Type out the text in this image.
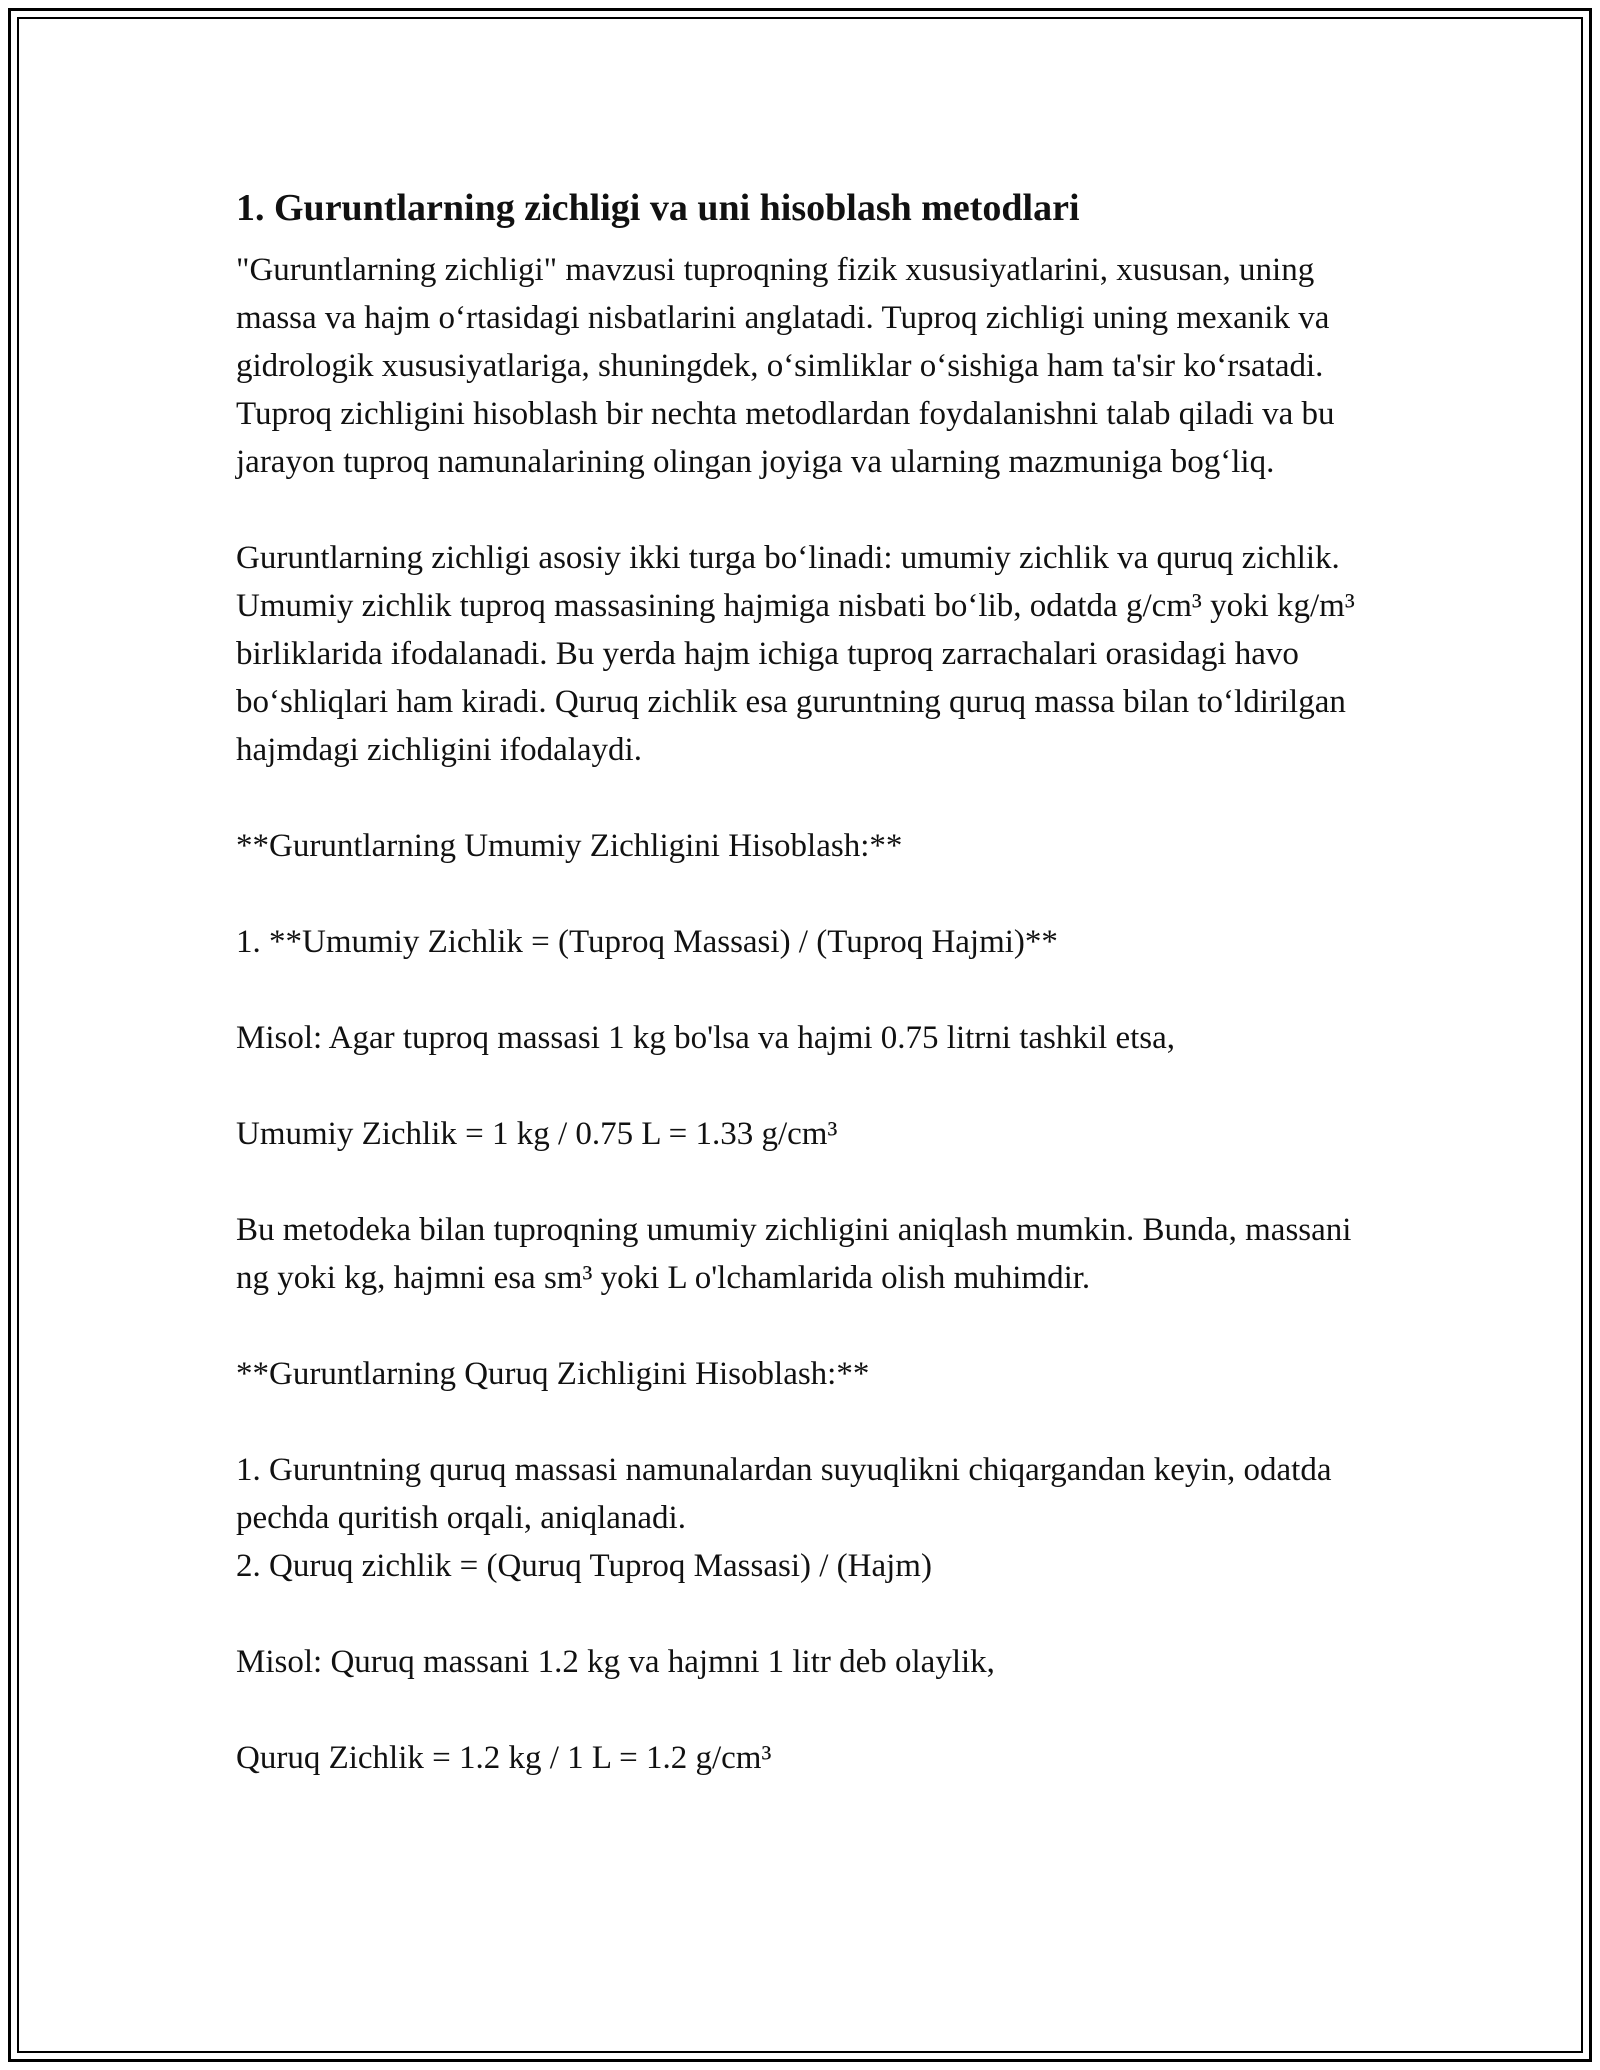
1. Guruntlarning zichligi va uni hisoblash metodlari

"Guruntlarning zichligi" mavzusi tuproqning fizik xususiyatlarini, xususan, uning massa va hajm oʻrtasidagi nisbatlarini anglatadi. Tuproq zichligi uning mexanik va gidrologik xususiyatlariga, shuningdek, oʻsimliklar oʻsishiga ham ta'sir koʻrsatadi. Tuproq zichligini hisoblash bir nechta metodlardan foydalanishni talab qiladi va bu jarayon tuproq namunalarining olingan joyiga va ularning mazmuniga bogʻliq.

Guruntlarning zichligi asosiy ikki turga boʻlinadi: umumiy zichlik va quruq zichlik. Umumiy zichlik tuproq massasining hajmiga nisbati boʻlib, odatda g/cm³ yoki kg/m³ birliklarida ifodalanadi. Bu yerda hajm ichiga tuproq zarrachalari orasidagi havo boʻshliqlari ham kiradi. Quruq zichlik esa guruntning quruq massa bilan toʻldirilgan hajmdagi zichligini ifodalaydi.

**Guruntlarning Umumiy Zichligini Hisoblash:**

1. **Umumiy Zichlik = (Tuproq Massasi) / (Tuproq Hajmi)**

Misol: Agar tuproq massasi 1 kg bo'lsa va hajmi 0.75 litrni tashkil etsa,

Umumiy Zichlik = 1 kg / 0.75 L = 1.33 g/cm³

Bu metodeka bilan tuproqning umumiy zichligini aniqlash mumkin. Bunda, massani ng yoki kg, hajmni esa sm³ yoki L o'lchamlarida olish muhimdir.

**Guruntlarning Quruq Zichligini Hisoblash:**

1. Guruntning quruq massasi namunalardan suyuqlikni chiqargandan keyin, odatda pechda quritish orqali, aniqlanadi.

2. Quruq zichlik = (Quruq Tuproq Massasi) / (Hajm)

Misol: Quruq massani 1.2 kg va hajmni 1 litr deb olaylik,

Quruq Zichlik = 1.2 kg / 1 L = 1.2 g/cm³
